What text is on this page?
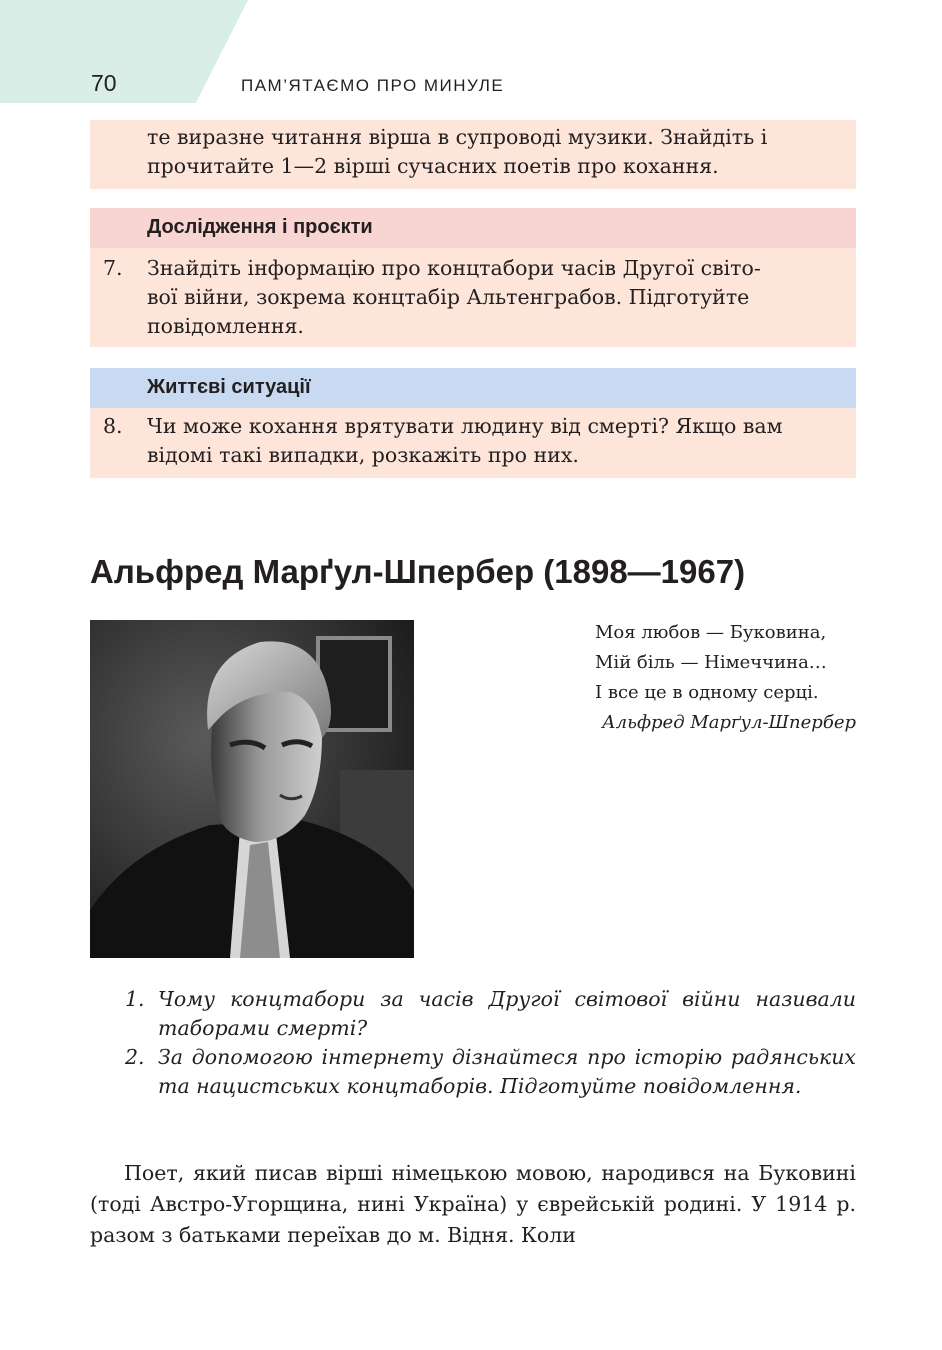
70	ПАМ’ЯТАЄМО ПРО МИНУЛЕ
те виразне читання вірша в супроводі музики. Знайдіть і
прочитайте 1—2 вірші сучасних поетів про кохання.
Дослідження і проєкти
7. Знайдіть інформацію про концтабори часів Другої світо-
вої війни, зокрема концтабір Альтенграбов. Підготуйте
повідомлення.
Життєві ситуації
8. Чи може кохання врятувати людину від смерті? Якщо вам
відомі такі випадки, розкажіть про них.
Альфред Марґул-Шпербер (1898—1967)
Моя любов — Буковина,
Мій біль — Німеччина…
І все це в одному серці.
Альфред Марґул-Шпербер
1. Чому концтабори за часів Другої світової війни називали таборами смерті?
2. За допомогою інтернету дізнайтеся про історію радянських та нацистських концтаборів. Підготуйте повідомлення.

Поет, який писав вірші німецькою мовою, народився на Буковині (тоді Австро-Угорщина, нині Україна) у єврейській родині. У 1914 р. разом з батьками переїхав до м. Відня. Коли
